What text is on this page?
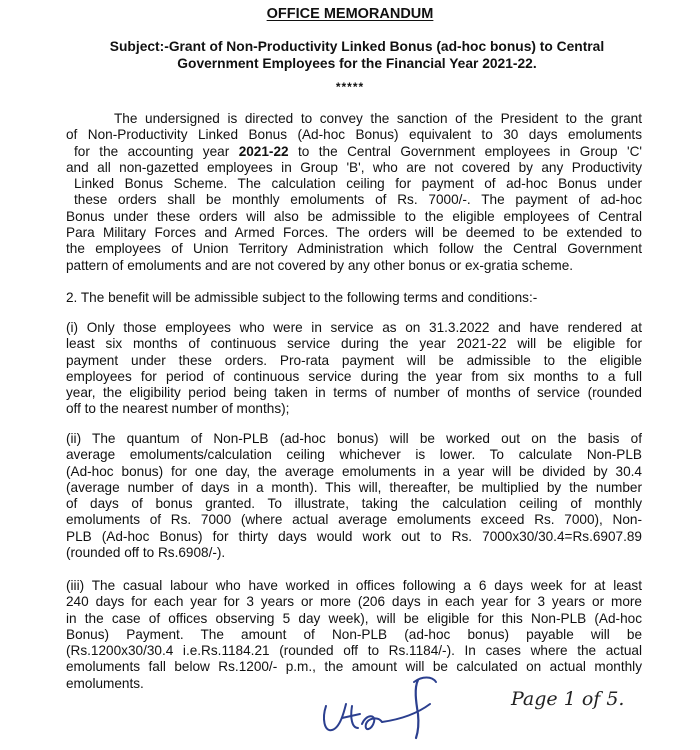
OFFICE MEMORANDUM
Subject:-Grant of Non-Productivity Linked Bonus (ad-hoc bonus) to Central
Government Employees for the Financial Year 2021-22.
*****
The undersigned is directed to convey the sanction of the President to the grant
of Non-Productivity Linked Bonus (Ad-hoc Bonus) equivalent to 30 days emoluments
for the accounting year 2021-22 to the Central Government employees in Group 'C'
and all non-gazetted employees in Group 'B', who are not covered by any Productivity
Linked Bonus Scheme. The calculation ceiling for payment of ad-hoc Bonus under
these orders shall be monthly emoluments of Rs. 7000/-. The payment of ad-hoc
Bonus under these orders will also be admissible to the eligible employees of Central
Para Military Forces and Armed Forces. The orders will be deemed to be extended to
the employees of Union Territory Administration which follow the Central Government
pattern of emoluments and are not covered by any other bonus or ex-gratia scheme.
2. The benefit will be admissible subject to the following terms and conditions:-
(i) Only those employees who were in service as on 31.3.2022 and have rendered at
least six months of continuous service during the year 2021-22 will be eligible for
payment under these orders. Pro-rata payment will be admissible to the eligible
employees for period of continuous service during the year from six months to a full
year, the eligibility period being taken in terms of number of months of service (rounded
off to the nearest number of months);
(ii) The quantum of Non-PLB (ad-hoc bonus) will be worked out on the basis of
average emoluments/calculation ceiling whichever is lower. To calculate Non-PLB
(Ad-hoc bonus) for one day, the average emoluments in a year will be divided by 30.4
(average number of days in a month). This will, thereafter, be multiplied by the number
of days of bonus granted. To illustrate, taking the calculation ceiling of monthly
emoluments of Rs. 7000 (where actual average emoluments exceed Rs. 7000), Non-
PLB (Ad-hoc Bonus) for thirty days would work out to Rs. 7000x30/30.4=Rs.6907.89
(rounded off to Rs.6908/-).
(iii) The casual labour who have worked in offices following a 6 days week for at least
240 days for each year for 3 years or more (206 days in each year for 3 years or more
in the case of offices observing 5 day week), will be eligible for this Non-PLB (Ad-hoc
Bonus) Payment. The amount of Non-PLB (ad-hoc bonus) payable will be
(Rs.1200x30/30.4 i.e.Rs.1184.21 (rounded off to Rs.1184/-). In cases where the actual
emoluments fall below Rs.1200/- p.m., the amount will be calculated on actual monthly
emoluments.
Page 1 of 5.
